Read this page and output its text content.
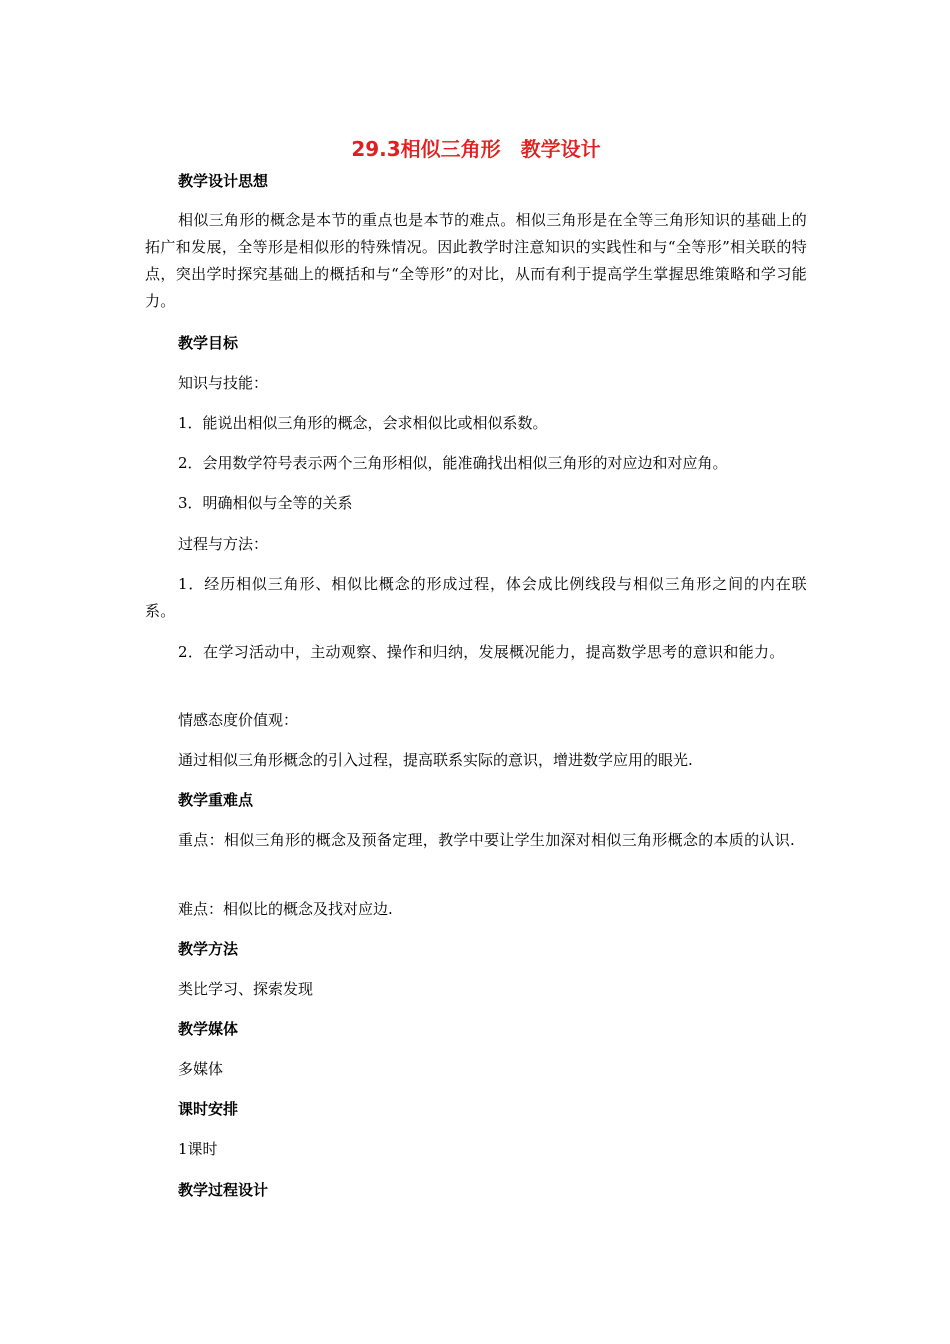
29.3相似三角形　教学设计

教学设计思想

相似三角形的概念是本节的重点也是本节的难点。相似三角形是在全等三角形知识的基础上的拓广和发展，全等形是相似形的特殊情况。因此教学时注意知识的实践性和与“全等形”相关联的特点，突出学时探究基础上的概括和与“全等形”的对比，从而有利于提高学生掌握思维策略和学习能力。

教学目标

知识与技能：

1．能说出相似三角形的概念，会求相似比或相似系数。

2．会用数学符号表示两个三角形相似，能准确找出相似三角形的对应边和对应角。

3．明确相似与全等的关系

过程与方法：

1．经历相似三角形、相似比概念的形成过程，体会成比例线段与相似三角形之间的内在联系。

2．在学习活动中，主动观察、操作和归纳，发展概况能力，提高数学思考的意识和能力。

情感态度价值观：

通过相似三角形概念的引入过程，提高联系实际的意识，增进数学应用的眼光.

教学重难点

重点：相似三角形的概念及预备定理，教学中要让学生加深对相似三角形概念的本质的认识.

难点：相似比的概念及找对应边.

教学方法

类比学习、探索发现

教学媒体

多媒体

课时安排

1课时

教学过程设计
